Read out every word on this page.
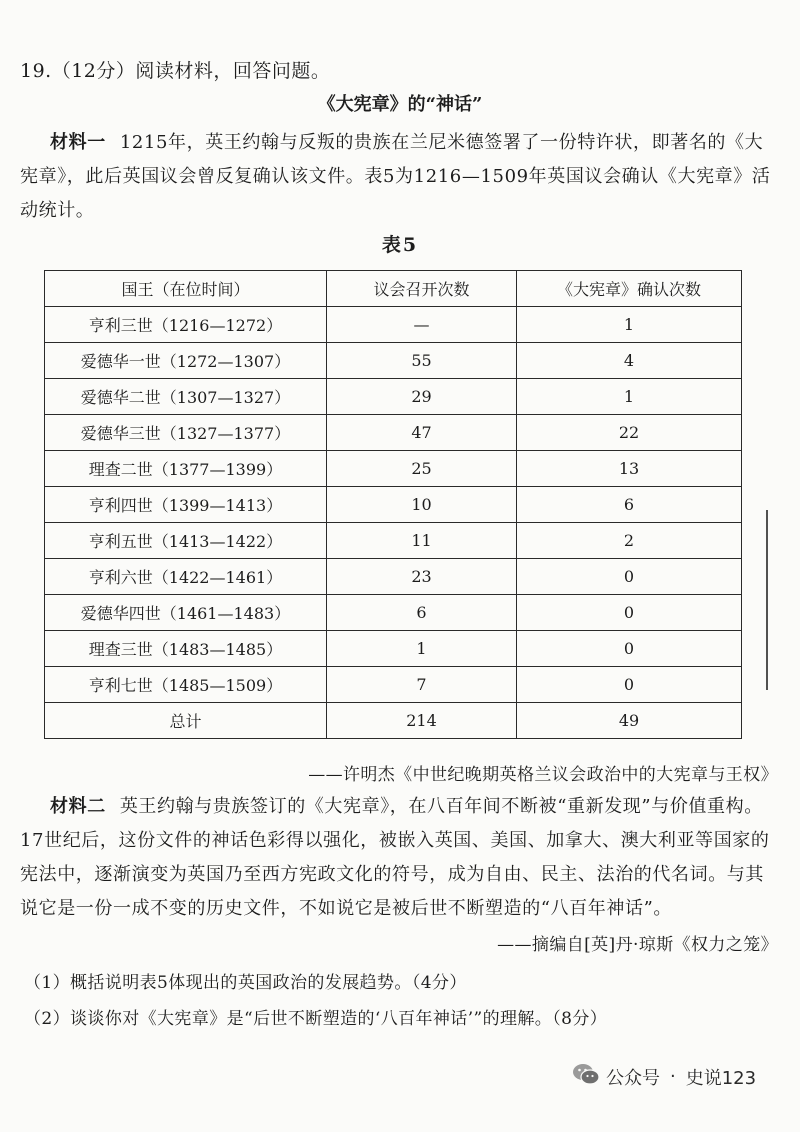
19.（12分）阅读材料，回答问题。
《大宪章》的“神话”
材料一 1215年，英王约翰与反叛的贵族在兰尼米德签署了一份特许状，即著名的《大宪章》，此后英国议会曾反复确认该文件。表5为1216—1509年英国议会确认《大宪章》活动统计。
表5
国王（在位时间）	议会召开次数	《大宪章》确认次数
亨利三世（1216—1272）	—	1
爱德华一世（1272—1307）	55	4
爱德华二世（1307—1327）	29	1
爱德华三世（1327—1377）	47	22
理查二世（1377—1399）	25	13
亨利四世（1399—1413）	10	6
亨利五世（1413—1422）	11	2
亨利六世（1422—1461）	23	0
爱德华四世（1461—1483）	6	0
理查三世（1483—1485）	1	0
亨利七世（1485—1509）	7	0
总计	214	49
——许明杰《中世纪晚期英格兰议会政治中的大宪章与王权》
材料二 英王约翰与贵族签订的《大宪章》，在八百年间不断被“重新发现”与价值重构。17世纪后，这份文件的神话色彩得以强化，被嵌入英国、美国、加拿大、澳大利亚等国家的宪法中，逐渐演变为英国乃至西方宪政文化的符号，成为自由、民主、法治的代名词。与其说它是一份一成不变的历史文件，不如说它是被后世不断塑造的“八百年神话”。
——摘编自[英]丹·琼斯《权力之笼》
（1）概括说明表5体现出的英国政治的发展趋势。（4分）
（2）谈谈你对《大宪章》是“后世不断塑造的‘八百年神话’”的理解。（8分）
公众号 · 史说123
